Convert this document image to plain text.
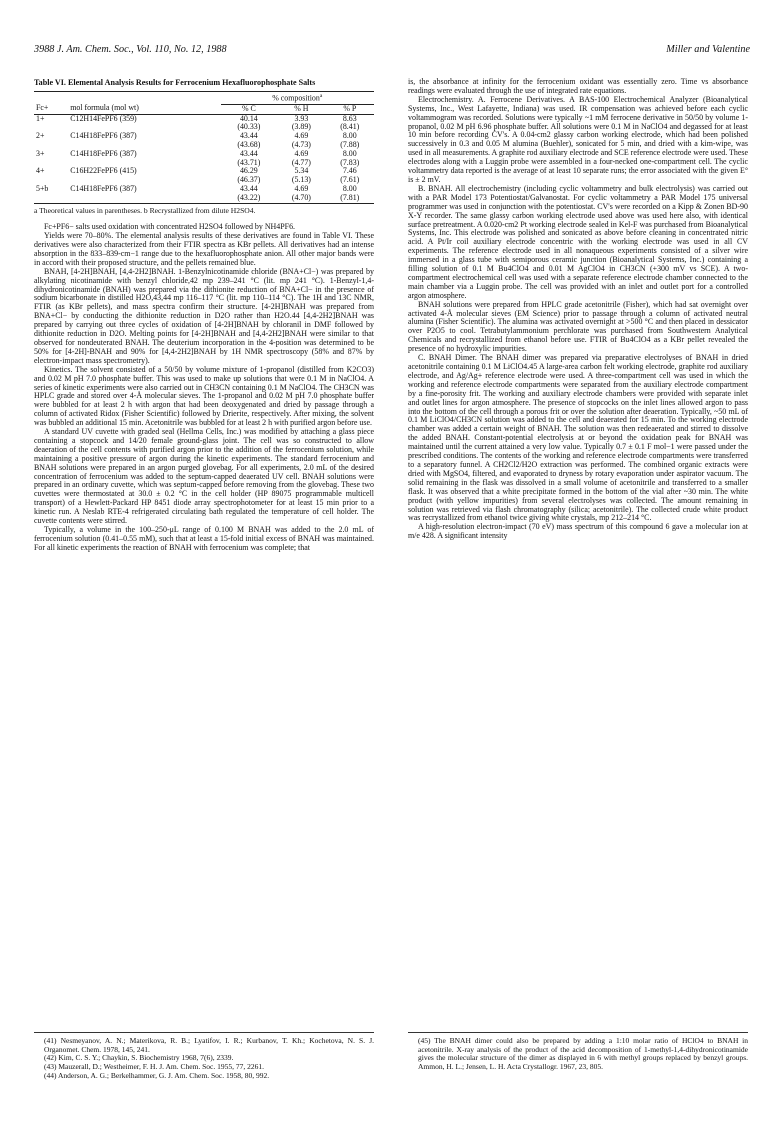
3988 J. Am. Chem. Soc., Vol. 110, No. 12, 1988	Miller and Valentine
Table VI. Elemental Analysis Results for Ferrocenium Hexafluorophosphate Salts
		% composition$^a$
Fc+	mol formula (mol wt)	% C	% H	% P
1+	C12H14FePF6 (359)	40.14	3.93	8.63
		(40.33)	(3.89)	(8.41)
2+	C14H18FePF6 (387)	43.44	4.69	8.00
		(43.68)	(4.73)	(7.88)
3+	C14H18FePF6 (387)	43.44	4.69	8.00
		(43.71)	(4.77)	(7.83)
4+	C16H22FePF6 (415)	46.29	5.34	7.46
		(46.37)	(5.13)	(7.61)
5+b	C14H18FePF6 (387)	43.44	4.69	8.00
		(43.22)	(4.70)	(7.81)
a Theoretical values in parentheses. b Recrystallized from dilute H2SO4.

Fc+PF6− salts used oxidation with concentrated H2SO4 followed by NH4PF6.

Yields were 70–80%. The elemental analysis results of these derivatives are found in Table VI. These derivatives were also characterized from their FTIR spectra as KBr pellets. All derivatives had an intense absorption in the 833–839-cm−1 range due to the hexafluorophosphate anion. All other major bands were in accord with their proposed structure, and the pellets remained blue.

BNAH, [4-2H]BNAH, [4,4-2H2]BNAH. 1-Benzylnicotinamide chloride (BNA+Cl−) was prepared by alkylating nicotinamide with benzyl chloride,42 mp 239–241 °C (lit. mp 241 °C). 1-Benzyl-1,4-dihydronicotinamide (BNAH) was prepared via the dithionite reduction of BNA+Cl− in the presence of sodium bicarbonate in distilled H2O,43,44 mp 116–117 °C (lit. mp 110–114 °C). The 1H and 13C NMR, FTIR (as KBr pellets), and mass spectra confirm their structure. [4-2H]BNAH was prepared from BNA+Cl− by conducting the dithionite reduction in D2O rather than H2O.44 [4,4-2H2]BNAH was prepared by carrying out three cycles of oxidation of [4-2H]BNAH by chloranil in DMF followed by dithionite reduction in D2O. Melting points for [4-2H]BNAH and [4,4-2H2]BNAH were similar to that observed for nondeuterated BNAH. The deuterium incorporation in the 4-position was determined to be 50% for [4-2H]-BNAH and 90% for [4,4-2H2]BNAH by 1H NMR spectroscopy (58% and 87% by electron-impact mass spectrometry).

Kinetics. The solvent consisted of a 50/50 by volume mixture of 1-propanol (distilled from K2CO3) and 0.02 M pH 7.0 phosphate buffer. This was used to make up solutions that were 0.1 M in NaClO4. A series of kinetic experiments were also carried out in CH3CN containing 0.1 M NaClO4. The CH3CN was HPLC grade and stored over 4-Å molecular sieves. The 1-propanol and 0.02 M pH 7.0 phosphate buffer were bubbled for at least 2 h with argon that had been deoxygenated and dried by passage through a column of activated Ridox (Fisher Scientific) followed by Drierite, respectively. After mixing, the solvent was bubbled an additional 15 min. Acetonitrile was bubbled for at least 2 h with purified argon before use.

A standard UV cuvette with graded seal (Hellma Cells, Inc.) was modified by attaching a glass piece containing a stopcock and 14/20 female ground-glass joint. The cell was so constructed to allow deaeration of the cell contents with purified argon prior to the addition of the ferrocenium solution, while maintaining a positive pressure of argon during the kinetic experiments. The standard ferrocenium and BNAH solutions were prepared in an argon purged glovebag. For all experiments, 2.0 mL of the desired concentration of ferrocenium was added to the septum-capped deaerated UV cell. BNAH solutions were prepared in an ordinary cuvette, which was septum-capped before removing from the glovebag. These two cuvettes were thermostated at 30.0 ± 0.2 °C in the cell holder (HP 89075 programmable multicell transport) of a Hewlett-Packard HP 8451 diode array spectrophotometer for at least 15 min prior to a kinetic run. A Neslab RTE-4 refrigerated circulating bath regulated the temperature of cell holder. The cuvette contents were stirred.

Typically, a volume in the 100–250-μL range of 0.100 M BNAH was added to the 2.0 mL of ferrocenium solution (0.41–0.55 mM), such that at least a 15-fold initial excess of BNAH was maintained. For all kinetic experiments the reaction of BNAH with ferrocenium was complete; that

is, the absorbance at infinity for the ferrocenium oxidant was essentially zero. Time vs absorbance readings were evaluated through the use of integrated rate equations.

Electrochemistry. A. Ferrocene Derivatives. A BAS-100 Electrochemical Analyzer (Bioanalytical Systems, Inc., West Lafayette, Indiana) was used. IR compensation was achieved before each cyclic voltammogram was recorded. Solutions were typically ~1 mM ferrocene derivative in 50/50 by volume 1-propanol, 0.02 M pH 6.96 phosphate buffer. All solutions were 0.1 M in NaClO4 and degassed for at least 10 min before recording CV's. A 0.04-cm2 glassy carbon working electrode, which had been polished successively in 0.3 and 0.05 M alumina (Buehler), sonicated for 5 min, and dried with a kim-wipe, was used in all measurements. A graphite rod auxiliary electrode and SCE reference electrode were used. These electrodes along with a Luggin probe were assembled in a four-necked one-compartment cell. The cyclic voltammetry data reported is the average of at least 10 separate runs; the error associated with the given E° is ± 2 mV.

B. BNAH. All electrochemistry (including cyclic voltammetry and bulk electrolysis) was carried out with a PAR Model 173 Potentiostat/Galvanostat. For cyclic voltammetry a PAR Model 175 universal programmer was used in conjunction with the potentiostat. CV's were recorded on a Kipp & Zonen BD-90 X-Y recorder. The same glassy carbon working electrode used above was used here also, with identical surface pretreatment. A 0.020-cm2 Pt working electrode sealed in Kel-F was purchased from Bioanalytical Systems, Inc. This electrode was polished and sonicated as above before cleaning in concentrated nitric acid. A Pt/Ir coil auxiliary electrode concentric with the working electrode was used in all CV experiments. The reference electrode used in all nonaqueous experiments consisted of a silver wire immersed in a glass tube with semiporous ceramic junction (Bioanalytical Systems, Inc.) containing a filling solution of 0.1 M Bu4ClO4 and 0.01 M AgClO4 in CH3CN (+300 mV vs SCE). A two-compartment electrochemical cell was used with a separate reference electrode chamber connected to the main chamber via a Luggin probe. The cell was provided with an inlet and outlet port for a controlled argon atmosphere.

BNAH solutions were prepared from HPLC grade acetonitrile (Fisher), which had sat overnight over activated 4-Å molecular sieves (EM Science) prior to passage through a column of activated neutral alumina (Fisher Scientific). The alumina was activated overnight at >500 °C and then placed in dessicator over P2O5 to cool. Tetrabutylammonium perchlorate was purchased from Southwestern Analytical Chemicals and recrystallized from ethanol before use. FTIR of Bu4ClO4 as a KBr pellet revealed the presence of no hydroxylic impurities.

C. BNAH Dimer. The BNAH dimer was prepared via preparative electrolyses of BNAH in dried acetonitrile containing 0.1 M LiClO4.45 A large-area carbon felt working electrode, graphite rod auxiliary electrode, and Ag/Ag+ reference electrode were used. A three-compartment cell was used in which the working and reference electrode compartments were separated from the auxiliary electrode compartment by a fine-porosity frit. The working and auxiliary electrode chambers were provided with separate inlet and outlet lines for argon atmosphere. The presence of stopcocks on the inlet lines allowed argon to pass into the bottom of the cell through a porous frit or over the solution after deaeration. Typically, ~50 mL of 0.1 M LiClO4/CH3CN solution was added to the cell and deaerated for 15 min. To the working electrode chamber was added a certain weight of BNAH. The solution was then redeaerated and stirred to dissolve the added BNAH. Constant-potential electrolysis at or beyond the oxidation peak for BNAH was maintained until the current attained a very low value. Typically 0.7 ± 0.1 F mol−1 were passed under the prescribed conditions. The contents of the working and reference electrode compartments were transferred to a separatory funnel. A CH2Cl2/H2O extraction was performed. The combined organic extracts were dried with MgSO4, filtered, and evaporated to dryness by rotary evaporation under aspirator vacuum. The solid remaining in the flask was dissolved in a small volume of acetonitrile and transferred to a smaller flask. It was observed that a white precipitate formed in the bottom of the vial after ~30 min. The white product (with yellow impurities) from several electrolyses was collected. The amount remaining in solution was retrieved via flash chromatography (silica; acetonitrile). The collected crude white product was recrystallized from ethanol twice giving white crystals, mp 212–214 °C.

A high-resolution electron-impact (70 eV) mass spectrum of this compound 6 gave a molecular ion at m/e 428. A significant intensity

(41) Nesmeyanov, A. N.; Materikova, R. B.; Lyatifov, I. R.; Kurbanov, T. Kh.; Kochetova, N. S. J. Organomet. Chem. 1978, 145, 241.

(42) Kim, C. S. Y.; Chaykin, S. Biochemistry 1968, 7(6), 2339.

(43) Mauzerall, D.; Westheimer, F. H. J. Am. Chem. Soc. 1955, 77, 2261.

(44) Anderson, A. G.; Berkelhammer, G. J. Am. Chem. Soc. 1958, 80, 992.

(45) The BNAH dimer could also be prepared by adding a 1:10 molar ratio of HClO4 to BNAH in acetonitrile. X-ray analysis of the product of the acid decomposition of 1-methyl-1,4-dihydronicotinamide gives the molecular structure of the dimer as displayed in 6 with methyl groups replaced by benzyl groups. Ammon, H. L.; Jensen, L. H. Acta Crystallogr. 1967, 23, 805.
